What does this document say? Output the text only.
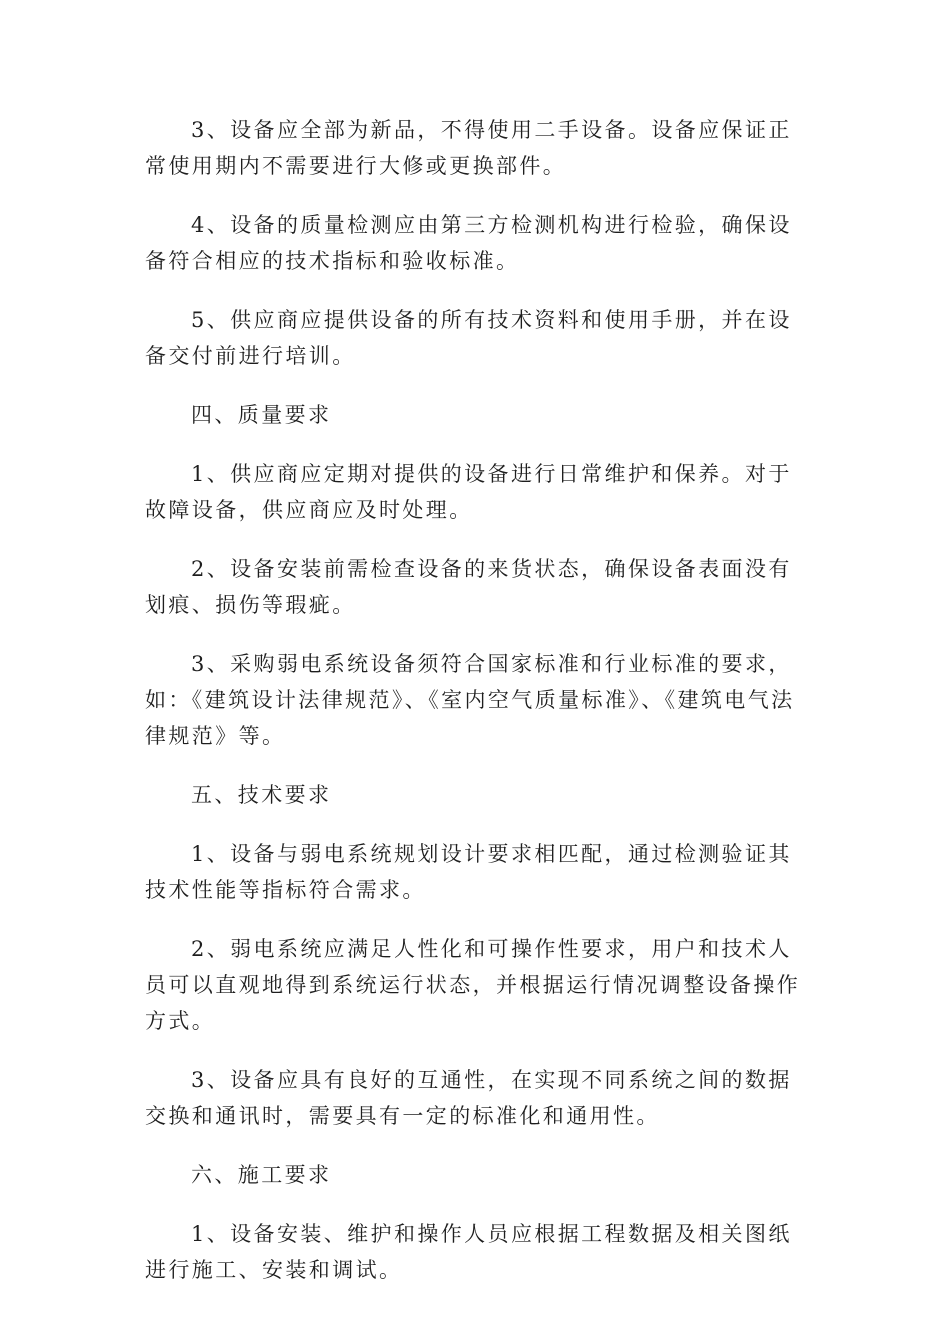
3、设备应全部为新品，不得使用二手设备。设备应保证正常使用期内不需要进行大修或更换部件。

4、设备的质量检测应由第三方检测机构进行检验，确保设备符合相应的技术指标和验收标准。

5、供应商应提供设备的所有技术资料和使用手册，并在设备交付前进行培训。

四、质量要求

1、供应商应定期对提供的设备进行日常维护和保养。对于故障设备，供应商应及时处理。

2、设备安装前需检查设备的来货状态，确保设备表面没有划痕、损伤等瑕疵。

3、采购弱电系统设备须符合国家标准和行业标准的要求，如：《建筑设计法律规范》、《室内空气质量标准》、《建筑电气法律规范》等。

五、技术要求

1、设备与弱电系统规划设计要求相匹配，通过检测验证其技术性能等指标符合需求。

2、弱电系统应满足人性化和可操作性要求，用户和技术人员可以直观地得到系统运行状态，并根据运行情况调整设备操作方式。

3、设备应具有良好的互通性，在实现不同系统之间的数据交换和通讯时，需要具有一定的标准化和通用性。

六、施工要求

1、设备安装、维护和操作人员应根据工程数据及相关图纸进行施工、安装和调试。
